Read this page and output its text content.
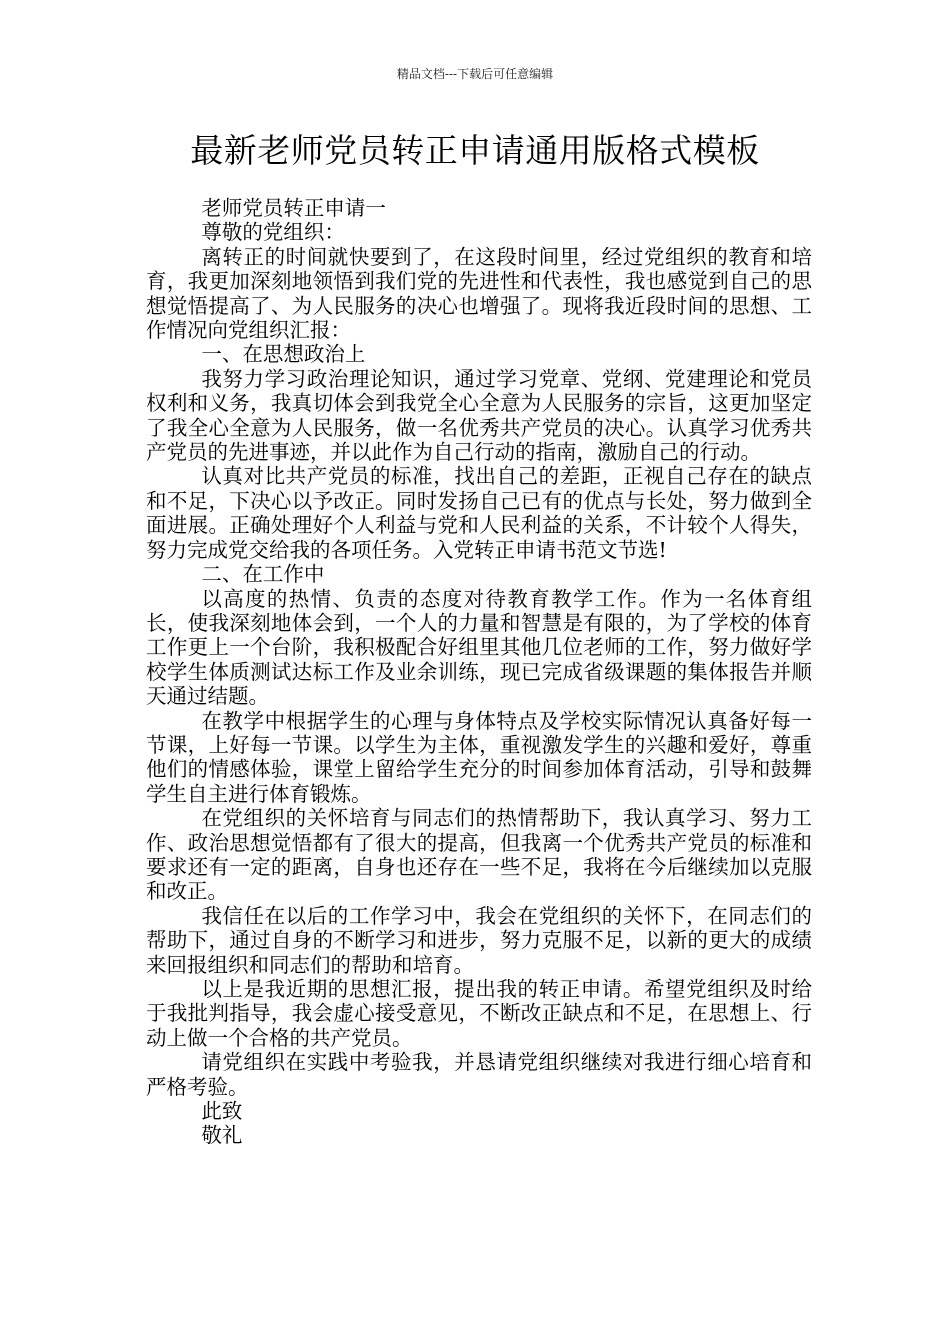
精品文档---下载后可任意编辑
最新老师党员转正申请通用版格式模板

老师党员转正申请一

尊敬的党组织：

离转正的时间就快要到了，在这段时间里，经过党组织的教育和培育，我更加深刻地领悟到我们党的先进性和代表性，我也感觉到自己的思想觉悟提高了、为人民服务的决心也增强了。现将我近段时间的思想、工作情况向党组织汇报：

一、在思想政治上

我努力学习政治理论知识，通过学习党章、党纲、党建理论和党员权利和义务，我真切体会到我党全心全意为人民服务的宗旨，这更加坚定了我全心全意为人民服务，做一名优秀共产党员的决心。认真学习优秀共产党员的先进事迹，并以此作为自己行动的指南，激励自己的行动。

认真对比共产党员的标准，找出自己的差距，正视自己存在的缺点和不足，下决心以予改正。同时发扬自己已有的优点与长处，努力做到全面进展。正确处理好个人利益与党和人民利益的关系，不计较个人得失，努力完成党交给我的各项任务。入党转正申请书范文节选!

二、在工作中

以高度的热情、负责的态度对待教育教学工作。作为一名体育组长，使我深刻地体会到，一个人的力量和智慧是有限的，为了学校的体育工作更上一个台阶，我积极配合好组里其他几位老师的工作，努力做好学校学生体质测试达标工作及业余训练，现已完成省级课题的集体报告并顺天通过结题。

在教学中根据学生的心理与身体特点及学校实际情况认真备好每一节课，上好每一节课。以学生为主体，重视激发学生的兴趣和爱好，尊重他们的情感体验，课堂上留给学生充分的时间参加体育活动，引导和鼓舞学生自主进行体育锻炼。

在党组织的关怀培育与同志们的热情帮助下，我认真学习、努力工作、政治思想觉悟都有了很大的提高，但我离一个优秀共产党员的标准和要求还有一定的距离，自身也还存在一些不足，我将在今后继续加以克服和改正。

我信任在以后的工作学习中，我会在党组织的关怀下，在同志们的帮助下，通过自身的不断学习和进步，努力克服不足，以新的更大的成绩来回报组织和同志们的帮助和培育。

以上是我近期的思想汇报，提出我的转正申请。希望党组织及时给于我批判指导，我会虚心接受意见，不断改正缺点和不足，在思想上、行动上做一个合格的共产党员。

请党组织在实践中考验我，并恳请党组织继续对我进行细心培育和严格考验。

此致

敬礼
